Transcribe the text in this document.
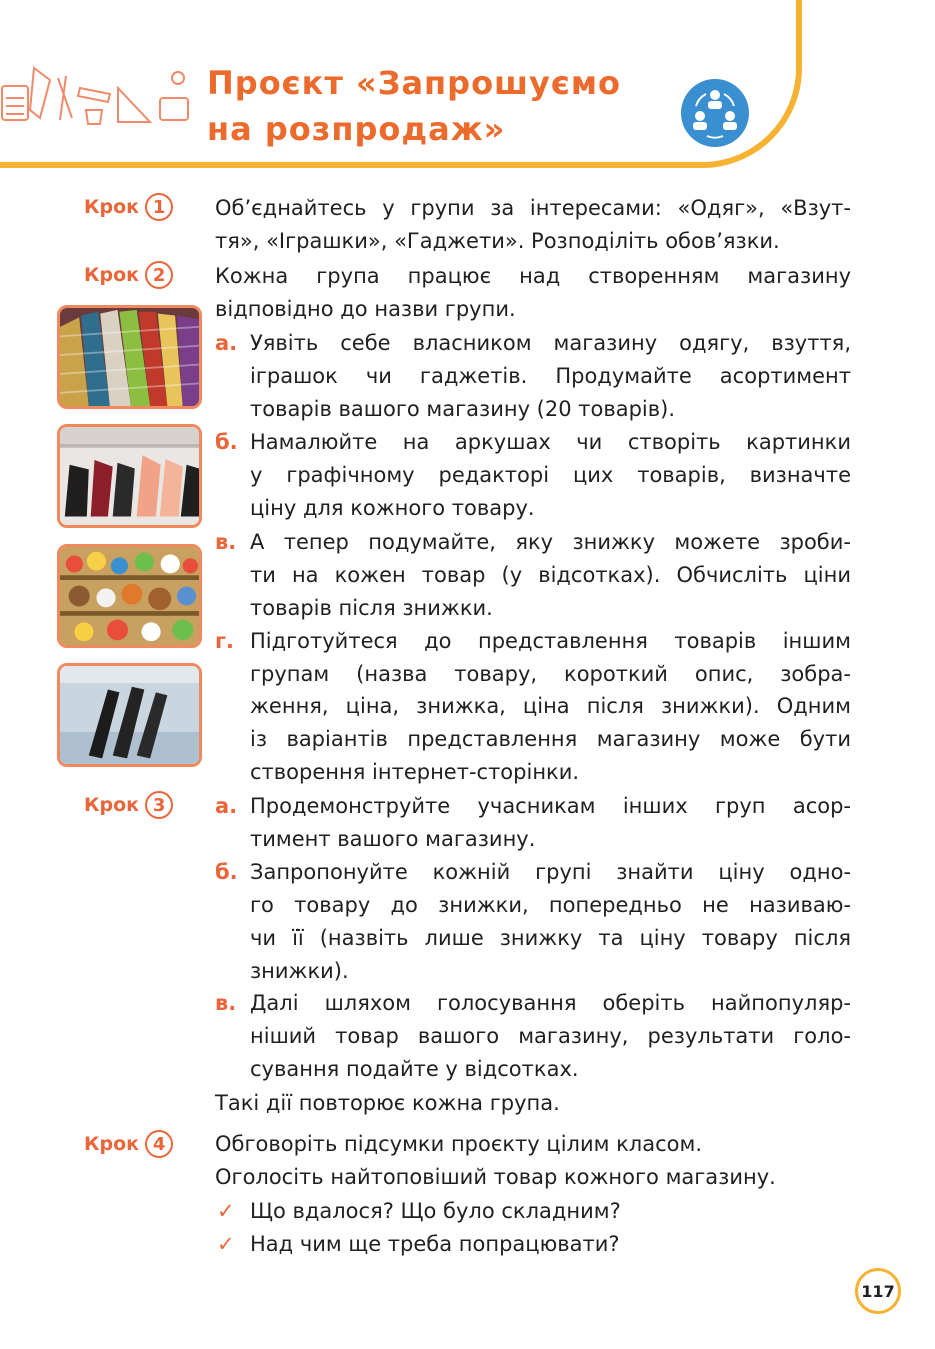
Проєкт «Запрошуємо
на розпродаж»
Крок 1	Об’єднайтесь у групи за інтересами: «Одяг», «Взут-
тя», «Іграшки», «Гаджети». Розподіліть обов’язки.
Крок 2	Кожна група працює над створенням магазину
відповідно до назви групи.
а. Уявіть себе власником магазину одягу, взуття,
іграшок чи гаджетів. Продумайте асортимент
товарів вашого магазину (20 товарів).
б. Намалюйте на аркушах чи створіть картинки
у графічному редакторі цих товарів, визначте
ціну для кожного товару.
в. А тепер подумайте, яку знижку можете зроби-
ти на кожен товар (у відсотках). Обчисліть ціни
товарів після знижки.
г. Підготуйтеся до представлення товарів іншим
групам (назва товару, короткий опис, зобра-
ження, ціна, знижка, ціна після знижки). Одним
із варіантів представлення магазину може бути
створення інтернет-сторінки.
Крок 3	а. Продемонструйте учасникам інших груп асор-
тимент вашого магазину.
б. Запропонуйте кожній групі знайти ціну одно-
го товару до знижки, попередньо не називаю-
чи її (назвіть лише знижку та ціну товару після
знижки).
в. Далі шляхом голосування оберіть найпопуляр-
ніший товар вашого магазину, результати голо-
сування подайте у відсотках.
Такі дії повторює кожна група.
Крок 4	Обговоріть підсумки проєкту цілим класом.
Оголосіть найтоповіший товар кожного магазину.
✓ Що вдалося? Що було складним?
✓ Над чим ще треба попрацювати?
117
